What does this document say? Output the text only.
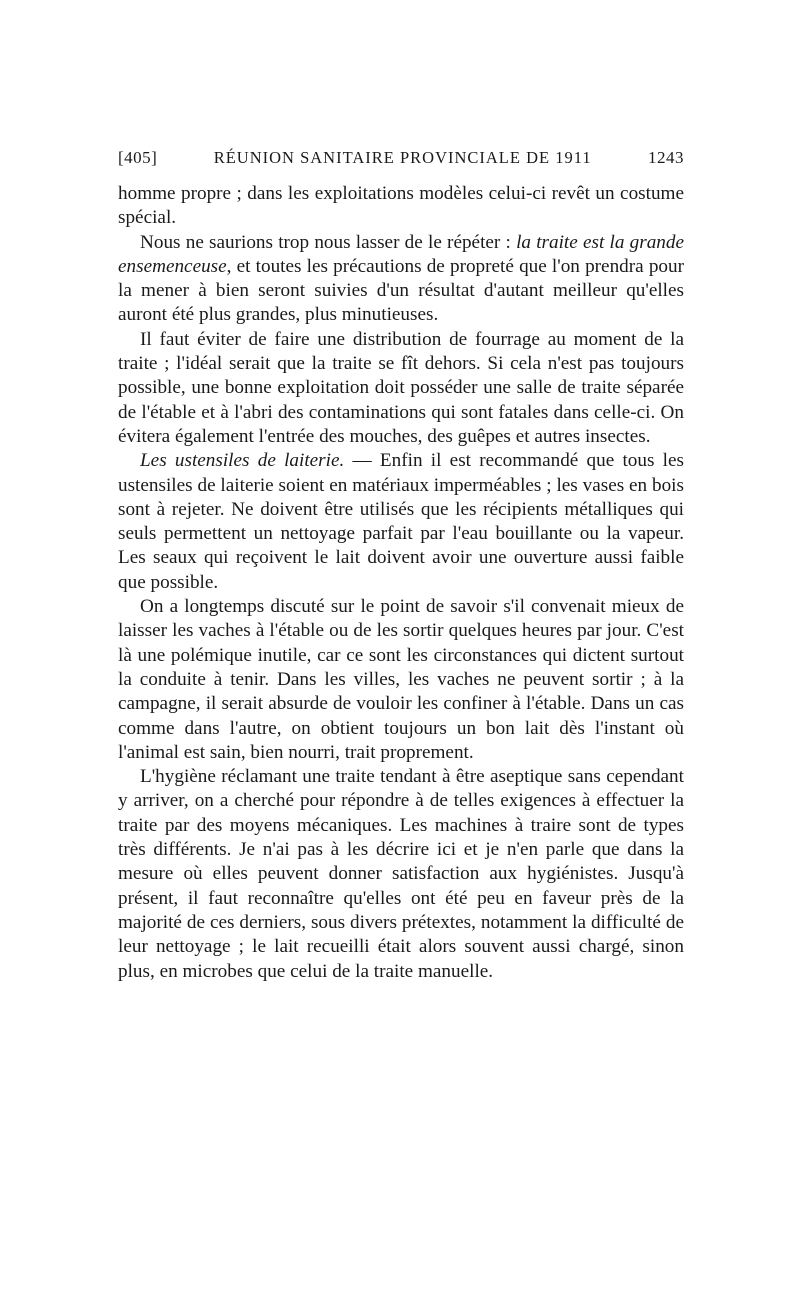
[405]	RÉUNION SANITAIRE PROVINCIALE DE 1911	1243

homme propre ; dans les exploitations modèles celui-ci revêt un costume spécial.

Nous ne saurions trop nous lasser de le répéter : la traite est la grande ensemenceuse, et toutes les précautions de propreté que l'on prendra pour la mener à bien seront suivies d'un résultat d'autant meilleur qu'elles auront été plus grandes, plus minutieuses.

Il faut éviter de faire une distribution de fourrage au moment de la traite ; l'idéal serait que la traite se fît dehors. Si cela n'est pas toujours possible, une bonne exploitation doit posséder une salle de traite séparée de l'étable et à l'abri des contaminations qui sont fatales dans celle-ci. On évitera également l'entrée des mouches, des guêpes et autres insectes.

Les ustensiles de laiterie. — Enfin il est recommandé que tous les ustensiles de laiterie soient en matériaux imperméables ; les vases en bois sont à rejeter. Ne doivent être utilisés que les récipients métalliques qui seuls permettent un nettoyage parfait par l'eau bouillante ou la vapeur. Les seaux qui reçoivent le lait doivent avoir une ouverture aussi faible que possible.

On a longtemps discuté sur le point de savoir s'il convenait mieux de laisser les vaches à l'étable ou de les sortir quelques heures par jour. C'est là une polémique inutile, car ce sont les circonstances qui dictent surtout la conduite à tenir. Dans les villes, les vaches ne peuvent sortir ; à la campagne, il serait absurde de vouloir les confiner à l'étable. Dans un cas comme dans l'autre, on obtient toujours un bon lait dès l'instant où l'animal est sain, bien nourri, trait proprement.

L'hygiène réclamant une traite tendant à être aseptique sans cependant y arriver, on a cherché pour répondre à de telles exigences à effectuer la traite par des moyens mécaniques. Les machines à traire sont de types très différents. Je n'ai pas à les décrire ici et je n'en parle que dans la mesure où elles peuvent donner satisfaction aux hygiénistes. Jusqu'à présent, il faut reconnaître qu'elles ont été peu en faveur près de la majorité de ces derniers, sous divers prétextes, notamment la difficulté de leur nettoyage ; le lait recueilli était alors souvent aussi chargé, sinon plus, en microbes que celui de la traite manuelle.
